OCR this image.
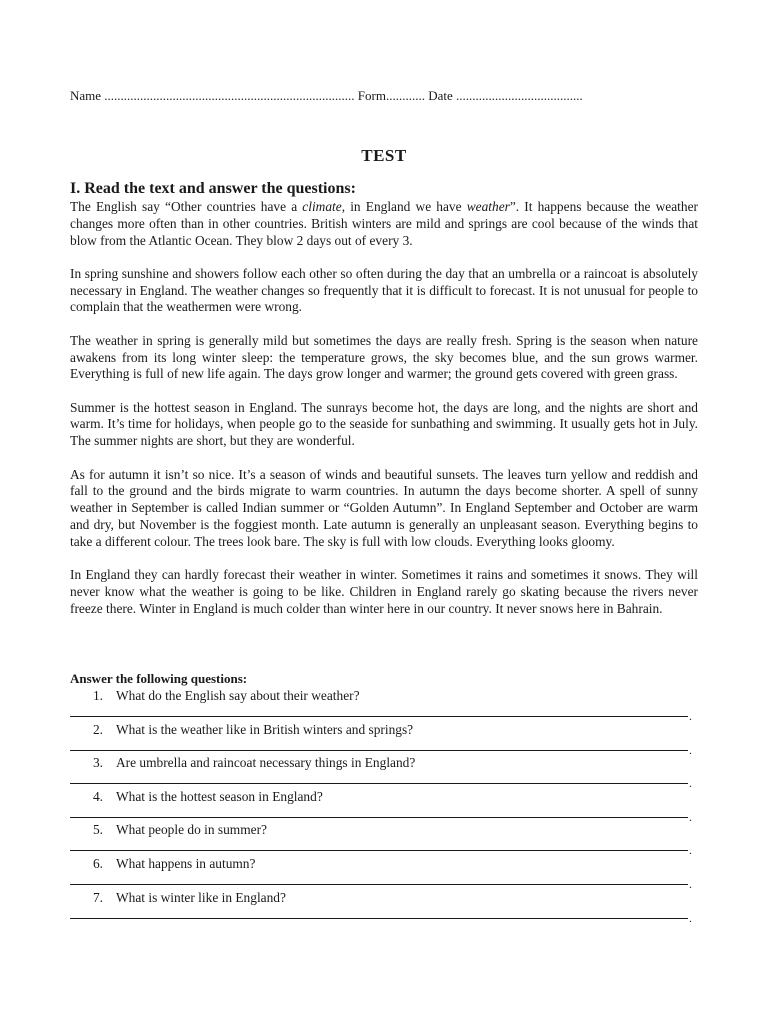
Name ............................................................................. Form............ Date .......................................
TEST
I. Read the text and answer the questions:

The English say “Other countries have a climate, in England we have weather”. It happens because the weather changes more often than in other countries. British winters are mild and springs are cool because of the winds that blow from the Atlantic Ocean. They blow 2 days out of every 3.

In spring sunshine and showers follow each other so often during the day that an umbrella or a raincoat is absolutely necessary in England. The weather changes so frequently that it is difficult to forecast. It is not unusual for people to complain that the weathermen were wrong.

The weather in spring is generally mild but sometimes the days are really fresh. Spring is the season when nature awakens from its long winter sleep: the temperature grows, the sky becomes blue, and the sun grows warmer. Everything is full of new life again. The days grow longer and warmer; the ground gets covered with green grass.

Summer is the hottest season in England. The sunrays become hot, the days are long, and the nights are short and warm. It’s time for holidays, when people go to the seaside for sunbathing and swimming. It usually gets hot in July. The summer nights are short, but they are wonderful.

As for autumn it isn’t so nice. It’s a season of winds and beautiful sunsets. The leaves turn yellow and reddish and fall to the ground and the birds migrate to warm countries. In autumn the days become shorter. A spell of sunny weather in September is called Indian summer or “Golden Autumn”. In England September and October are warm and dry, but November is the foggiest month. Late autumn is generally an unpleasant season. Everything begins to take a different colour. The trees look bare. The sky is full with low clouds. Everything looks gloomy.

In England they can hardly forecast their weather in winter. Sometimes it rains and sometimes it snows. They will never know what the weather is going to be like. Children in England rarely go skating because the rivers never freeze there. Winter in England is much colder than winter here in our country. It never snows here in Bahrain.

Answer the following questions:
1. What do the English say about their weather?
.
2. What is the weather like in British winters and springs?
.
3. Are umbrella and raincoat necessary things in England?
.
4. What is the hottest season in England?
.
5. What people do in summer?
.
6. What happens in autumn?
.
7. What is winter like in England?
.
